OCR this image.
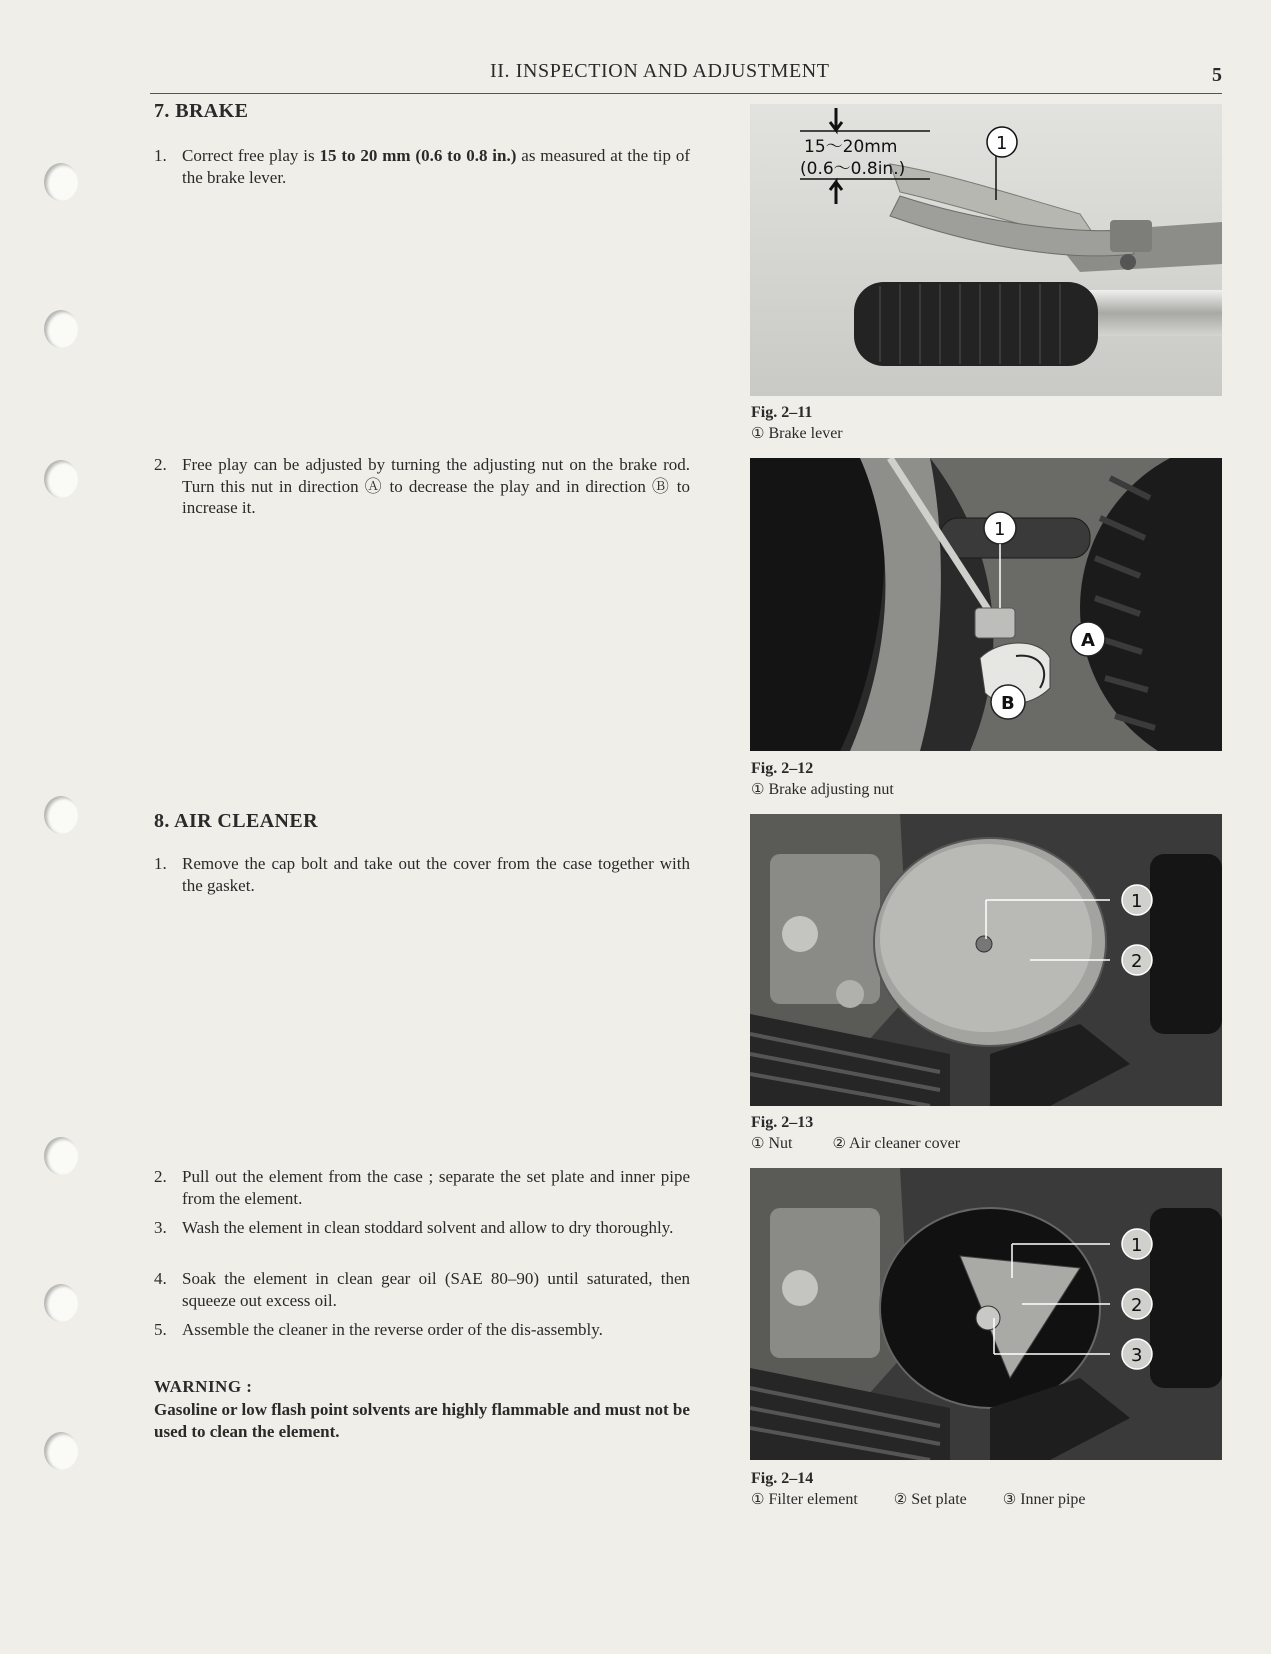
II. INSPECTION AND ADJUSTMENT	5
7. BRAKE
1. Correct free play is 15 to 20 mm (0.6 to 0.8 in.) as measured at the tip of the brake lever.
2. Free play can be adjusted by turning the adjusting nut on the brake rod. Turn this nut in direction Ⓐ to decrease the play and in direction Ⓑ to increase it.
8. AIR CLEANER
1. Remove the cap bolt and take out the cover from the case together with the gasket.
2. Pull out the element from the case ; separate the set plate and inner pipe from the element.
3. Wash the element in clean stoddard solvent and allow to dry thoroughly.
4. Soak the element in clean gear oil (SAE 80–90) until saturated, then squeeze out excess oil.
5. Assemble the cleaner in the reverse order of the dis-assembly.
WARNING :
Gasoline or low flash point solvents are highly flammable and must not be used to clean the element.
15～20mm
(0.6～0.8in.)
1
Fig. 2–11
① Brake lever
1
A
B
Fig. 2–12
① Brake adjusting nut
1
2
Fig. 2–13
① Nut	② Air cleaner cover
1
2
3
Fig. 2–14
① Filter element ② Set plate ③ Inner pipe
